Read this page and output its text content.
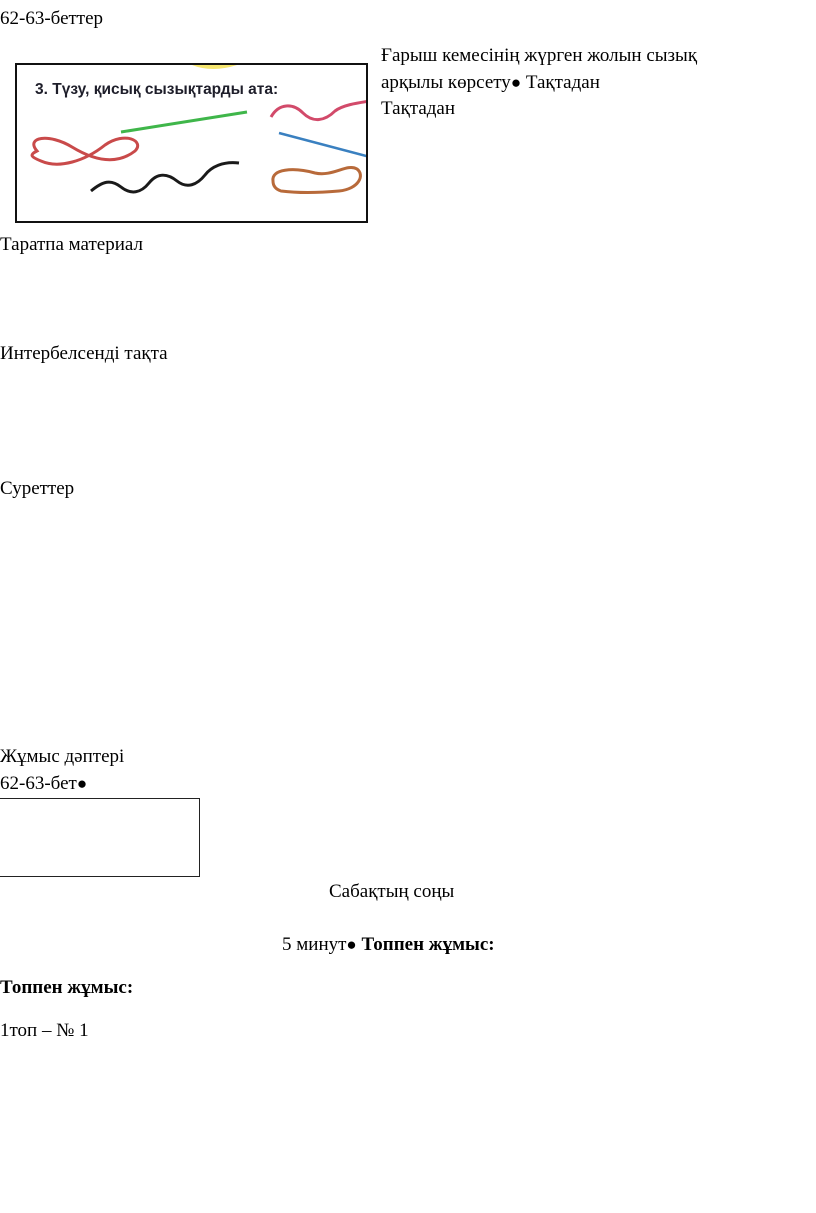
62-63-беттер
Ғарыш кемесінің жүрген жолын сызық
арқылы көрсету● Тақтадан
Тақтадан
3. Түзу, қисық сызықтарды ата:
Таратпа материал
Интербелсенді тақта
Суреттер
Жұмыс дәптері
62-63-бет●
Сабақтың соңы
5 минут● Топпен жұмыс:
Топпен жұмыс:
1топ – № 1
